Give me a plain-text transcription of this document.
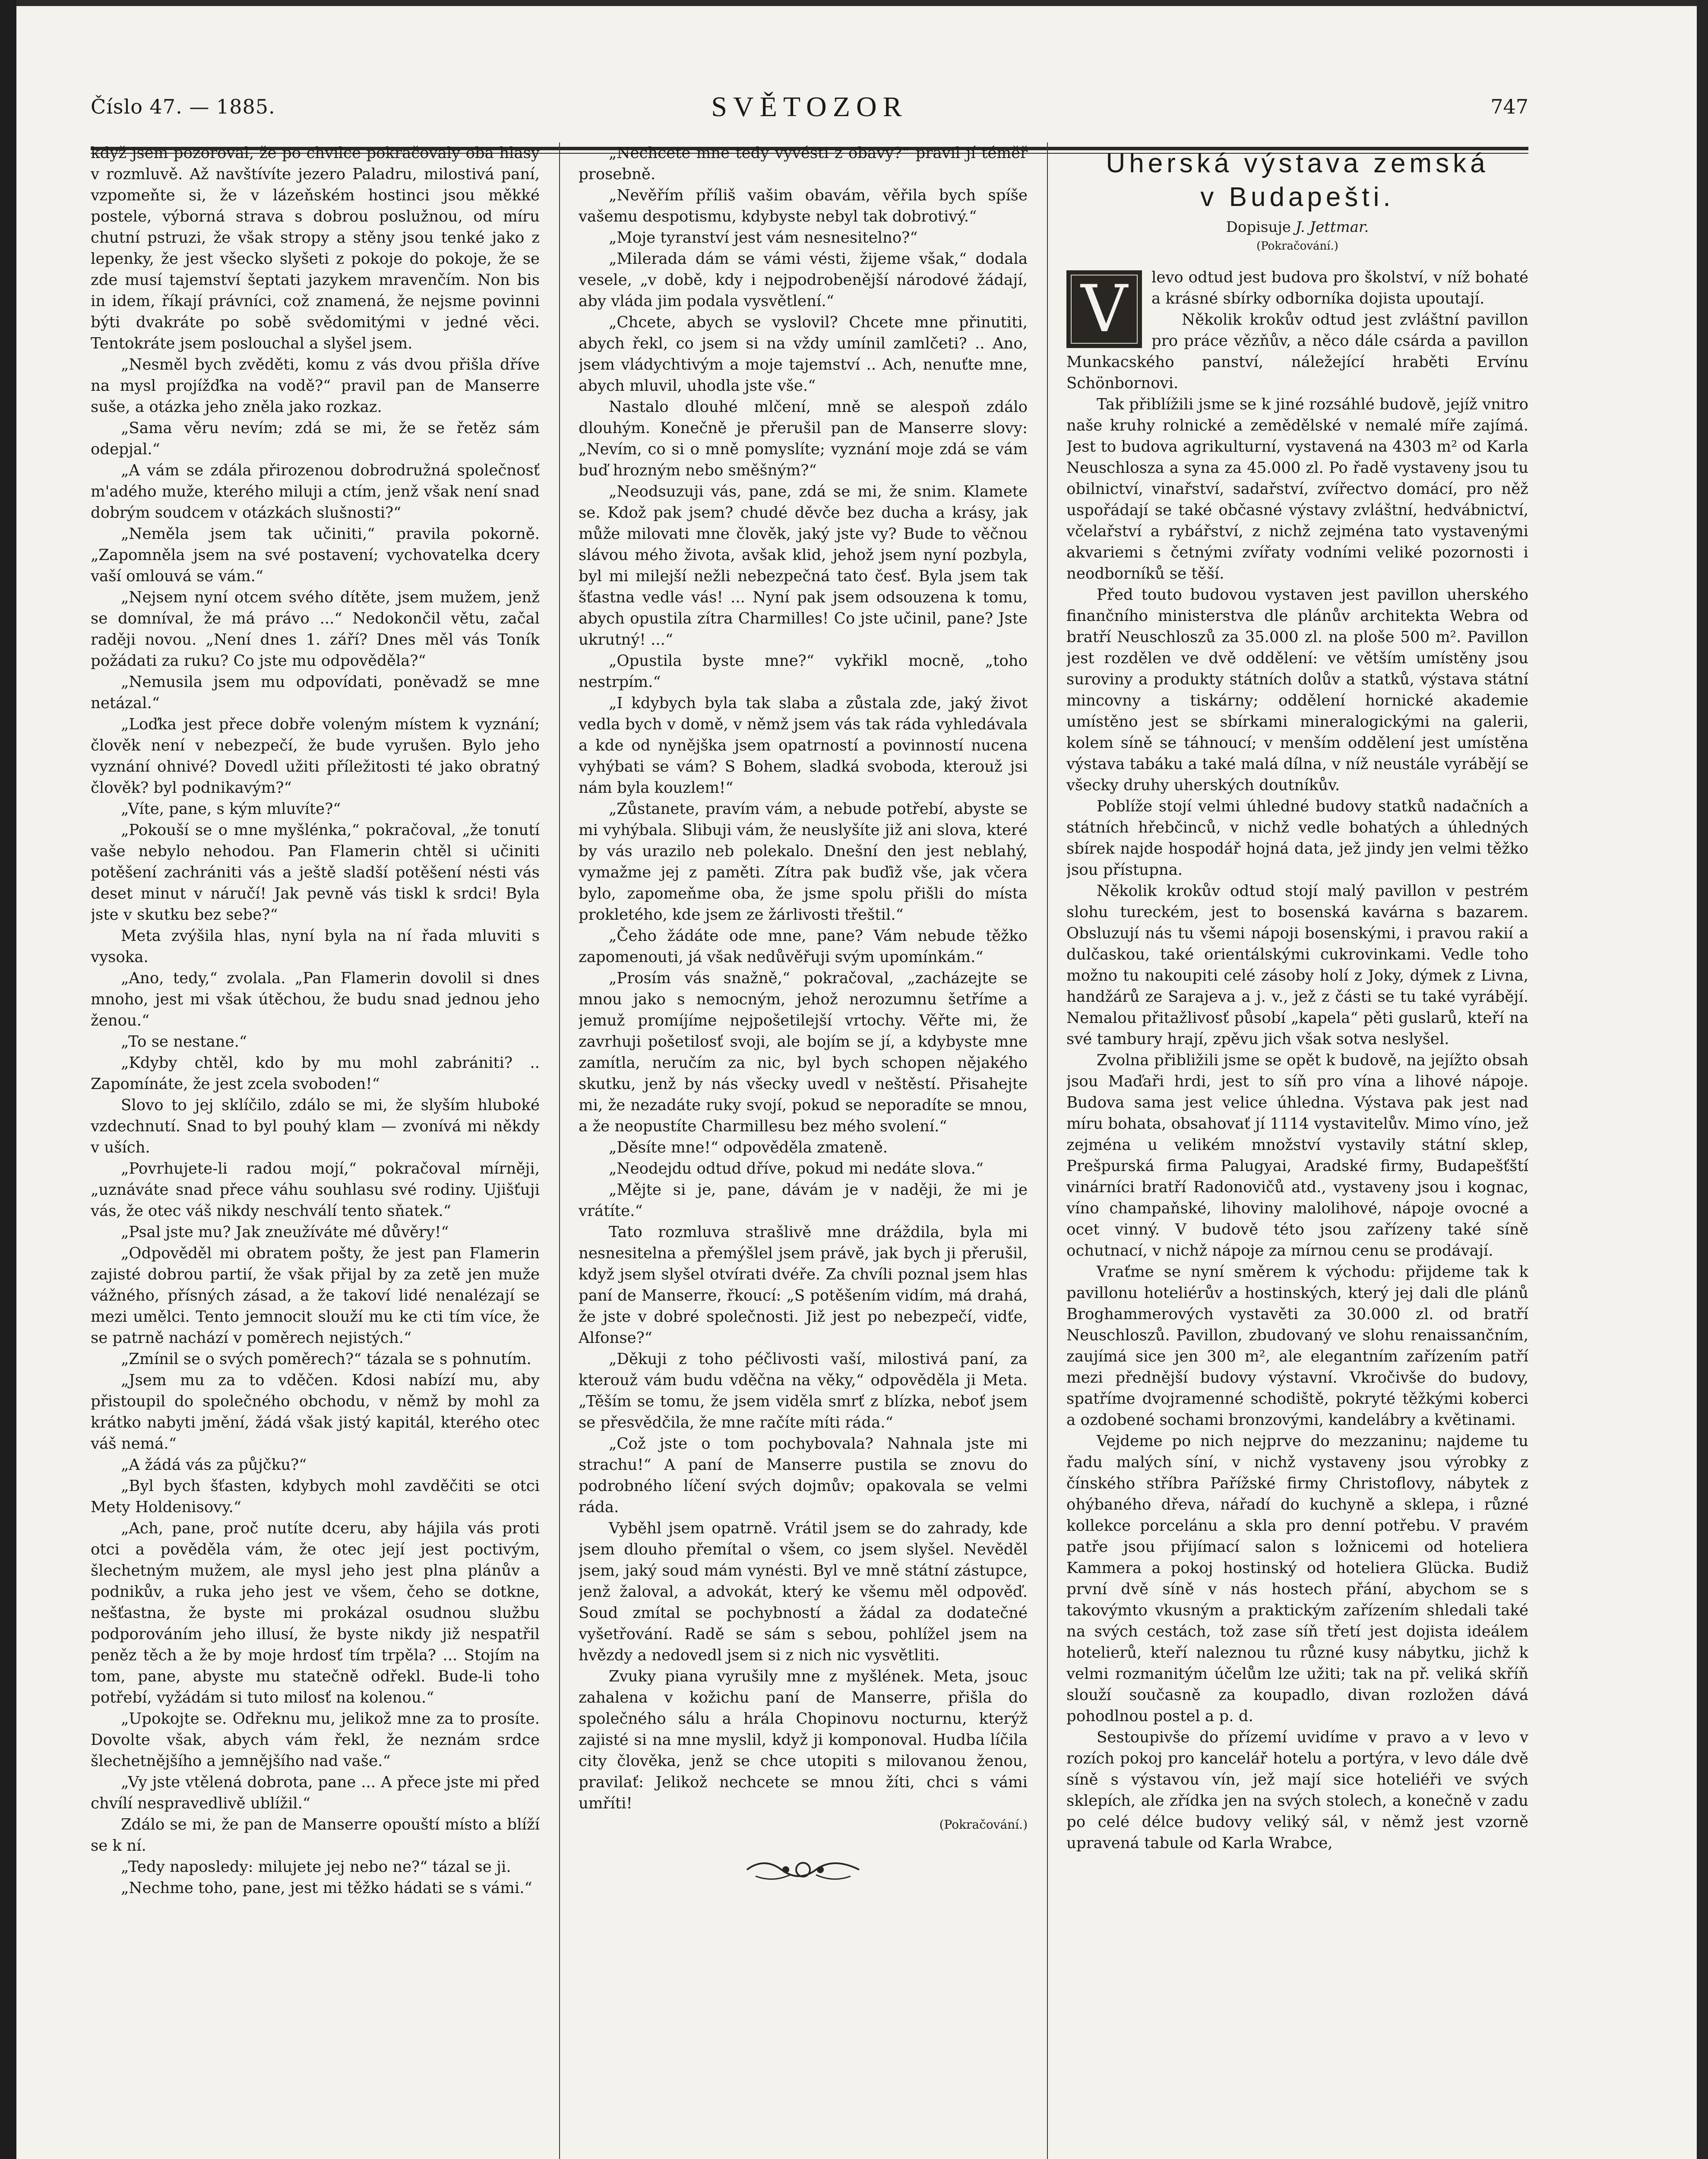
Číslo 47. — 1885.	SVĚTOZOR	747

když jsem pozoroval, že po chvilce pokračovaly oba hlasy v rozmluvě. Až navštívíte jezero Paladru, milostivá paní, vzpomeňte si, že v lázeňském hostinci jsou měkké postele, výborná strava s dobrou poslužnou, od míru chutní pstruzi, že však stropy a stěny jsou tenké jako z lepenky, že jest všecko slyšeti z pokoje do pokoje, že se zde musí tajemství šeptati jazykem mravenčím. Non bis in idem, říkají právníci, což znamená, že nejsme povinni býti dvakráte po sobě svědomitými v jedné věci. Tentokráte jsem poslouchal a slyšel jsem.

„Nesměl bych zvěděti, komu z vás dvou přišla dříve na mysl projížďka na vodě?“ pravil pan de Manserre suše, a otázka jeho zněla jako rozkaz.

„Sama věru nevím; zdá se mi, že se řetěz sám odepjal.“

„A vám se zdála přirozenou dobrodružná společnosť m'adého muže, kterého miluji a ctím, jenž však není snad dobrým soudcem v otázkách slušnosti?“

„Neměla jsem tak učiniti,“ pravila pokorně. „Zapomněla jsem na své postavení; vychovatelka dcery vaší omlouvá se vám.“

„Nejsem nyní otcem svého dítěte, jsem mužem, jenž se domníval, že má právo ...“ Nedokončil větu, začal raději novou. „Není dnes 1. září? Dnes měl vás Toník požádati za ruku? Co jste mu odpověděla?“

„Nemusila jsem mu odpovídati, poněvadž se mne netázal.“

„Loďka jest přece dobře voleným místem k vyznání; člověk není v nebezpečí, že bude vyrušen. Bylo jeho vyznání ohnivé? Dovedl užiti příležitosti té jako obratný člověk? byl podnikavým?“

„Víte, pane, s kým mluvíte?“

„Pokouší se o mne myšlénka,“ pokračoval, „že tonutí vaše nebylo nehodou. Pan Flamerin chtěl si učiniti potěšení zachrániti vás a ještě sladší potěšení nésti vás deset minut v náručí! Jak pevně vás tiskl k srdci! Byla jste v skutku bez sebe?“

Meta zvýšila hlas, nyní byla na ní řada mluviti s vysoka.

„Ano, tedy,“ zvolala. „Pan Flamerin dovolil si dnes mnoho, jest mi však útěchou, že budu snad jednou jeho ženou.“

„To se nestane.“

„Kdyby chtěl, kdo by mu mohl zabrániti? .. Zapomínáte, že jest zcela svoboden!“

Slovo to jej sklíčilo, zdálo se mi, že slyším hluboké vzdechnutí. Snad to byl pouhý klam — zvonívá mi někdy v uších.

„Povrhujete-li radou mojí,“ pokračoval mírněji, „uznáváte snad přece váhu souhlasu své rodiny. Ujišťuji vás, že otec váš nikdy neschválí tento sňatek.“

„Psal jste mu? Jak zneužíváte mé důvěry!“

„Odpověděl mi obratem pošty, že jest pan Flamerin zajisté dobrou partií, že však přijal by za zetě jen muže vážného, přísných zásad, a že takoví lidé nenalézají se mezi umělci. Tento jemnocit slouží mu ke cti tím více, že se patrně nachází v poměrech nejistých.“

„Zmínil se o svých poměrech?“ tázala se s pohnutím.

„Jsem mu za to vděčen. Kdosi nabízí mu, aby přistoupil do společného obchodu, v němž by mohl za krátko nabyti jmění, žádá však jistý kapitál, kterého otec váš nemá.“

„A žádá vás za půjčku?“

„Byl bych šťasten, kdybych mohl zavděčiti se otci Mety Holdenisovy.“

„Ach, pane, proč nutíte dceru, aby hájila vás proti otci a pověděla vám, že otec její jest poctivým, šlechetným mužem, ale mysl jeho jest plna plánův a podnikův, a ruka jeho jest ve všem, čeho se dotkne, nešťastna, že byste mi prokázal osudnou službu podporováním jeho illusí, že byste nikdy již nespatřil peněz těch a že by moje hrdosť tím trpěla? ... Stojím na tom, pane, abyste mu statečně odřekl. Bude-li toho potřebí, vyžádám si tuto milosť na kolenou.“

„Upokojte se. Odřeknu mu, jelikož mne za to prosíte. Dovolte však, abych vám řekl, že neznám srdce šlechetnějšího a jemnějšího nad vaše.“

„Vy jste vtělená dobrota, pane ... A přece jste mi před chvílí nespravedlivě ublížil.“

Zdálo se mi, že pan de Manserre opouští místo a blíží se k ní.

„Tedy naposledy: milujete jej nebo ne?“ tázal se ji.

„Nechme toho, pane, jest mi těžko hádati se s vámi.“

„Nechcete mne tedy vyvésti z obavy?“ pravil jí téměř prosebně.

„Nevěřím příliš vašim obavám, věřila bych spíše vašemu despotismu, kdybyste nebyl tak dobrotivý.“

„Moje tyranství jest vám nesnesitelno?“

„Milerada dám se vámi vésti, žijeme však,“ dodala vesele, „v době, kdy i nejpodrobenější národové žádají, aby vláda jim podala vysvětlení.“

„Chcete, abych se vyslovil? Chcete mne přinutiti, abych řekl, co jsem si na vždy umínil zamlčeti? .. Ano, jsem vládychtivým a moje tajemství .. Ach, nenuťte mne, abych mluvil, uhodla jste vše.“

Nastalo dlouhé mlčení, mně se alespoň zdálo dlouhým. Konečně je přerušil pan de Manserre slovy: „Nevím, co si o mně pomyslíte; vyznání moje zdá se vám buď hrozným nebo směšným?“

„Neodsuzuji vás, pane, zdá se mi, že snim. Klamete se. Kdož pak jsem? chudé děvče bez ducha a krásy, jak může milovati mne člověk, jaký jste vy? Bude to věčnou slávou mého života, avšak klid, jehož jsem nyní pozbyla, byl mi milejší nežli nebezpečná tato česť. Byla jsem tak šťastna vedle vás! ... Nyní pak jsem odsouzena k tomu, abych opustila zítra Charmilles! Co jste učinil, pane? Jste ukrutný! ...“

„Opustila byste mne?“ vykřikl mocně, „toho nestrpím.“

„I kdybych byla tak slaba a zůstala zde, jaký život vedla bych v domě, v němž jsem vás tak ráda vyhledávala a kde od nynějška jsem opatrností a povinností nucena vyhýbati se vám? S Bohem, sladká svoboda, kterouž jsi nám byla kouzlem!“

„Zůstanete, pravím vám, a nebude potřebí, abyste se mi vyhýbala. Slibuji vám, že neuslyšíte již ani slova, které by vás urazilo neb polekalo. Dnešní den jest neblahý, vymažme jej z paměti. Zítra pak buďiž vše, jak včera bylo, zapomeňme oba, že jsme spolu přišli do místa prokletého, kde jsem ze žárlivosti třeštil.“

„Čeho žádáte ode mne, pane? Vám nebude těžko zapomenouti, já však nedůvěřuji svým upomínkám.“

„Prosím vás snažně,“ pokračoval, „zacházejte se mnou jako s nemocným, jehož nerozumnu šetříme a jemuž promíjíme nejpošetilejší vrtochy. Věřte mi, že zavrhuji pošetilosť svoji, ale bojím se jí, a kdybyste mne zamítla, neručím za nic, byl bych schopen nějakého skutku, jenž by nás všecky uvedl v neštěstí. Přisahejte mi, že nezadáte ruky svojí, pokud se neporadíte se mnou, a že neopustíte Charmillesu bez mého svolení.“

„Děsíte mne!“ odpověděla zmateně.

„Neodejdu odtud dříve, pokud mi nedáte slova.“

„Mějte si je, pane, dávám je v naději, že mi je vrátíte.“

Tato rozmluva strašlivě mne dráždila, byla mi nesnesitelna a přemýšlel jsem právě, jak bych ji přerušil, když jsem slyšel otvírati dvéře. Za chvíli poznal jsem hlas paní de Manserre, řkoucí: „S potěšením vidím, má drahá, že jste v dobré společnosti. Již jest po nebezpečí, vidťe, Alfonse?“

„Děkuji z toho péčlivosti vaší, milostivá paní, za kterouž vám budu vděčna na věky,“ odpověděla ji Meta. „Těším se tomu, že jsem viděla smrť z blízka, neboť jsem se přesvědčila, že mne račíte míti ráda.“

„Což jste o tom pochybovala? Nahnala jste mi strachu!“ A paní de Manserre pustila se znovu do podrobného líčení svých dojmův; opakovala se velmi ráda.

Vyběhl jsem opatrně. Vrátil jsem se do zahrady, kde jsem dlouho přemítal o všem, co jsem slyšel. Nevěděl jsem, jaký soud mám vynésti. Byl ve mně státní zástupce, jenž žaloval, a advokát, který ke všemu měl odpověď. Soud zmítal se pochybností a žádal za dodatečné vyšetřování. Radě se sám s sebou, pohlížel jsem na hvězdy a nedovedl jsem si z nich nic vysvětliti.

Zvuky piana vyrušily mne z myšlének. Meta, jsouc zahalena v kožichu paní de Manserre, přišla do společného sálu a hrála Chopinovu nocturnu, kterýž zajisté si na mne myslil, když ji komponoval. Hudba líčila city člověka, jenž se chce utopiti s milovanou ženou, pravilať: Jelikož nechcete se mnou žíti, chci s vámi umříti!

(Pokračování.)

Uherská výstava zemská
v Budapešti.
Dopisuje J. Jettmar.
(Pokračování.)
V	levo odtud jest budova pro školství, v níž bohaté a krásné sbírky odborníka dojista upoutají.

Několik krokův odtud jest zvláštní pavillon pro práce vězňův, a něco dále csárda a pavillon Munkacského panství, náležející hraběti Ervínu Schönbornovi.

Tak přiblížili jsme se k jiné rozsáhlé budově, jejíž vnitro naše kruhy rolnické a zemědělské v nemalé míře zajímá. Jest to budova agrikulturní, vystavená na 4303 m² od Karla Neuschlosza a syna za 45.000 zl. Po řadě vystaveny jsou tu obilnictví, vinařství, sadařství, zvířectvo domácí, pro něž uspořádají se také občasné výstavy zvláštní, hedvábnictví, včelařství a rybářství, z nichž zejména tato vystavenými akvariemi s četnými zvířaty vodními veliké pozornosti i neodborníků se těší.

Před touto budovou vystaven jest pavillon uherského finančního ministerstva dle plánův architekta Webra od bratří Neuschloszů za 35.000 zl. na ploše 500 m². Pavillon jest rozdělen ve dvě oddělení: ve větším umístěny jsou suroviny a produkty státních dolův a statků, výstava státní mincovny a tiskárny; oddělení hornické akademie umístěno jest se sbírkami mineralogickými na galerii, kolem síně se táhnoucí; v menším oddělení jest umístěna výstava tabáku a také malá dílna, v níž neustále vyrábějí se všecky druhy uherských doutníkův.

Poblíže stojí velmi úhledné budovy statků nadačních a státních hřebčinců, v nichž vedle bohatých a úhledných sbírek najde hospodář hojná data, jež jindy jen velmi těžko jsou přístupna.

Několik krokův odtud stojí malý pavillon v pestrém slohu tureckém, jest to bosenská kavárna s bazarem. Obsluzují nás tu všemi nápoji bosenskými, i pravou rakií a dulčaskou, také orientálskými cukrovinkami. Vedle toho možno tu nakoupiti celé zásoby holí z Joky, dýmek z Livna, handžárů ze Sarajeva a j. v., jež z části se tu také vyrábějí. Nemalou přitažlivosť působí „kapela“ pěti guslarů, kteří na své tambury hrají, zpěvu jich však sotva neslyšel.

Zvolna přibližili jsme se opět k budově, na jejížto obsah jsou Maďaři hrdi, jest to síň pro vína a lihové nápoje. Budova sama jest velice úhledna. Výstava pak jest nad míru bohata, obsahovať jí 1114 vystavitelův. Mimo víno, jež zejména u velikém množství vystavily státní sklep, Prešpurská firma Palugyai, Aradské firmy, Budapešťští vinárníci bratří Radonovičů atd., vystaveny jsou i kognac, víno champaňské, lihoviny malolihové, nápoje ovocné a ocet vinný. V budově této jsou zařízeny také síně ochutnací, v nichž nápoje za mírnou cenu se prodávají.

Vraťme se nyní směrem k východu: přijdeme tak k pavillonu hoteliérův a hostinských, který jej dali dle plánů Broghammerových vystavěti za 30.000 zl. od bratří Neuschloszů. Pavillon, zbudovaný ve slohu renaissančním, zaujímá sice jen 300 m², ale elegantním zařízením patří mezi přednější budovy výstavní. Vkročivše do budovy, spatříme dvojramenné schodiště, pokryté těžkými koberci a ozdobené sochami bronzovými, kandelábry a květinami.

Vejdeme po nich nejprve do mezzaninu; najdeme tu řadu malých síní, v nichž vystaveny jsou výrobky z čínského stříbra Pařížské firmy Christoflovy, nábytek z ohýbaného dřeva, nářadí do kuchyně a sklepa, i různé kollekce porcelánu a skla pro denní potřebu. V pravém patře jsou přijímací salon s ložnicemi od hoteliera Kammera a pokoj hostinský od hoteliera Glücka. Budiž první dvě síně v nás hostech přání, abychom se s takovýmto vkusným a praktickým zařízením shledali také na svých cestách, tož zase síň třetí jest dojista ideálem hotelierů, kteří naleznou tu různé kusy nábytku, jichž k velmi rozmanitým účelům lze užiti; tak na př. veliká skříň slouží současně za koupadlo, divan rozložen dává pohodlnou postel a p. d.

Sestoupivše do přízemí uvidíme v pravo a v levo v rozích pokoj pro kancelář hotelu a portýra, v levo dále dvě síně s výstavou vín, jež mají sice hoteliéři ve svých sklepích, ale zřídka jen na svých stolech, a konečně v zadu po celé délce budovy veliký sál, v němž jest vzorně upravená tabule od Karla Wrabce,
